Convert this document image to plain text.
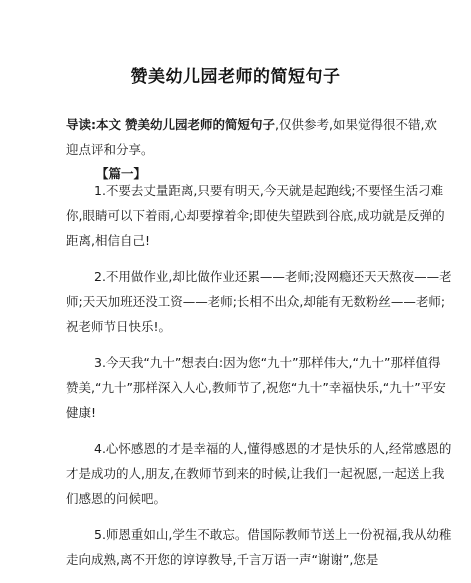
赞美幼儿园老师的简短句子
导读:本文 赞美幼儿园老师的简短句子,仅供参考,如果觉得很不错,欢迎点评和分享。
【篇一】

1.不要去丈量距离,只要有明天,今天就是起跑线;不要怪生活刁难你,眼睛可以下着雨,心却要撑着伞;即使失望跌到谷底,成功就是反弹的距离,相信自己!

2.不用做作业,却比做作业还累——老师;没网瘾还天天熬夜——老师;天天加班还没工资——老师;长相不出众,却能有无数粉丝——老师;祝老师节日快乐!。

3.今天我“九十”想表白:因为您“九十”那样伟大,“九十”那样值得赞美,“九十”那样深入人心,教师节了,祝您“九十”幸福快乐,“九十”平安健康!

4.心怀感恩的才是幸福的人,懂得感恩的才是快乐的人,经常感恩的才是成功的人,朋友,在教师节到来的时候,让我们一起祝愿,一起送上我们感恩的问候吧。

5.师恩重如山,学生不敢忘。借国际教师节送上一份祝福,我从幼稚走向成熟,离不开您的谆谆教导,千言万语一声“谢谢”,您是
